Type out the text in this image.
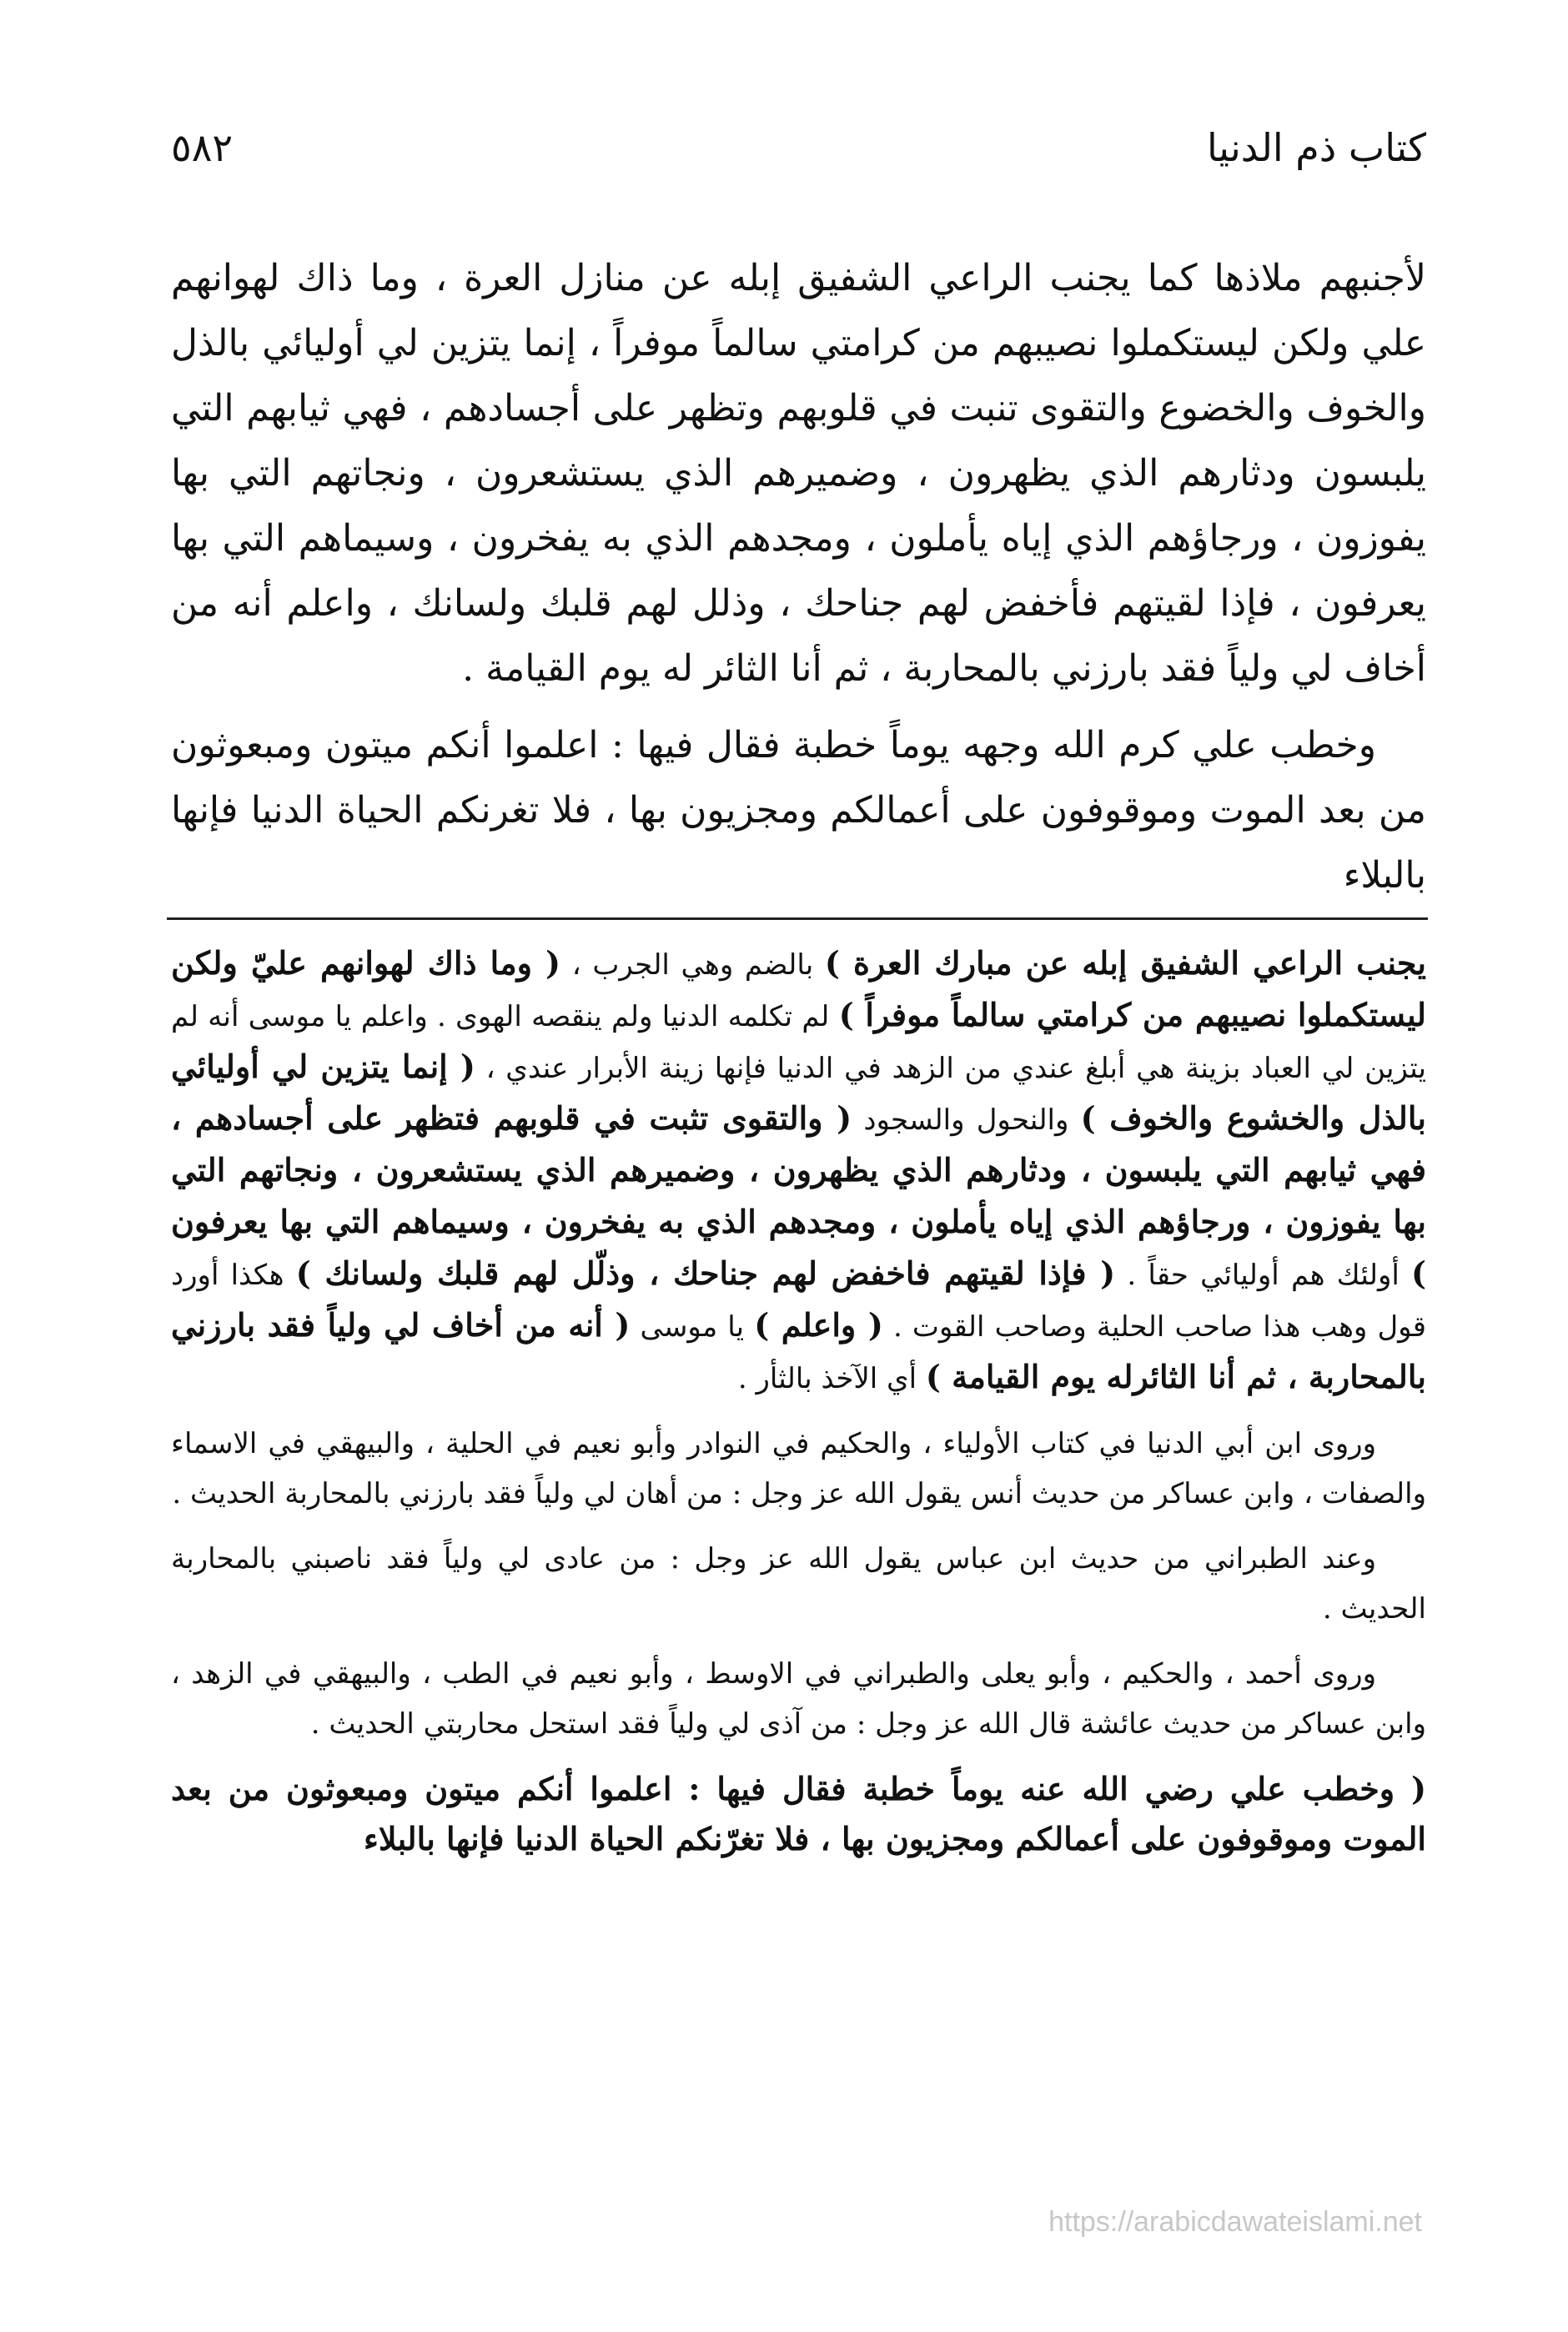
كتاب ذم الدنيا
٥٨٢

لأجنبهم ملاذها كما يجنب الراعي الشفيق إبله عن منازل العرة ، وما ذاك لهوانهم علي ولكن ليستكملوا نصيبهم من كرامتي سالماً موفراً ، إنما يتزين لي أوليائي بالذل والخوف والخضوع والتقوى تنبت في قلوبهم وتظهر على أجسادهم ، فهي ثيابهم التي يلبسون ودثارهم الذي يظهرون ، وضميرهم الذي يستشعرون ، ونجاتهم التي بها يفوزون ، ورجاؤهم الذي إياه يأملون ، ومجدهم الذي به يفخرون ، وسيماهم التي بها يعرفون ، فإذا لقيتهم فأخفض لهم جناحك ، وذلل لهم قلبك ولسانك ، واعلم أنه من أخاف لي ولياً فقد بارزني بالمحاربة ، ثم أنا الثائر له يوم القيامة .

وخطب علي كرم الله وجهه يوماً خطبة فقال فيها : اعلموا أنكم ميتون ومبعوثون من بعد الموت وموقوفون على أعمالكم ومجزيون بها ، فلا تغرنكم الحياة الدنيا فإنها بالبلاء

يجنب الراعي الشفيق إبله عن مبارك العرة ) بالضم وهي الجرب ، ( وما ذاك لهوانهم عليّ ولكن ليستكملوا نصيبهم من كرامتي سالماً موفراً ) لم تكلمه الدنيا ولم ينقصه الهوى . واعلم يا موسى أنه لم يتزين لي العباد بزينة هي أبلغ عندي من الزهد في الدنيا فإنها زينة الأبرار عندي ، ( إنما يتزين لي أوليائي بالذل والخشوع والخوف ) والنحول والسجود ( والتقوى تثبت في قلوبهم فتظهر على أجسادهم ، فهي ثيابهم التي يلبسون ، ودثارهم الذي يظهرون ، وضميرهم الذي يستشعرون ، ونجاتهم التي بها يفوزون ، ورجاؤهم الذي إياه يأملون ، ومجدهم الذي به يفخرون ، وسيماهم التي بها يعرفون ) أولئك هم أوليائي حقاً . ( فإذا لقيتهم فاخفض لهم جناحك ، وذلّل لهم قلبك ولسانك ) هكذا أورد قول وهب هذا صاحب الحلية وصاحب القوت . ( واعلم ) يا موسى ( أنه من أخاف لي ولياً فقد بارزني بالمحاربة ، ثم أنا الثائرله يوم القيامة ) أي الآخذ بالثأر .

وروى ابن أبي الدنيا في كتاب الأولياء ، والحكيم في النوادر وأبو نعيم في الحلية ، والبيهقي في الاسماء والصفات ، وابن عساكر من حديث أنس يقول الله عز وجل : من أهان لي ولياً فقد بارزني بالمحاربة الحديث .

وعند الطبراني من حديث ابن عباس يقول الله عز وجل : من عادى لي ولياً فقد ناصبني بالمحاربة الحديث .

وروى أحمد ، والحكيم ، وأبو يعلى والطبراني في الاوسط ، وأبو نعيم في الطب ، والبيهقي في الزهد ، وابن عساكر من حديث عائشة قال الله عز وجل : من آذى لي ولياً فقد استحل محاربتي الحديث .

( وخطب علي رضي الله عنه يوماً خطبة فقال فيها : اعلموا أنكم ميتون ومبعوثون من بعد الموت وموقوفون على أعمالكم ومجزيون بها ، فلا تغرّنكم الحياة الدنيا فإنها بالبلاء

https://arabicdawateislami.net
